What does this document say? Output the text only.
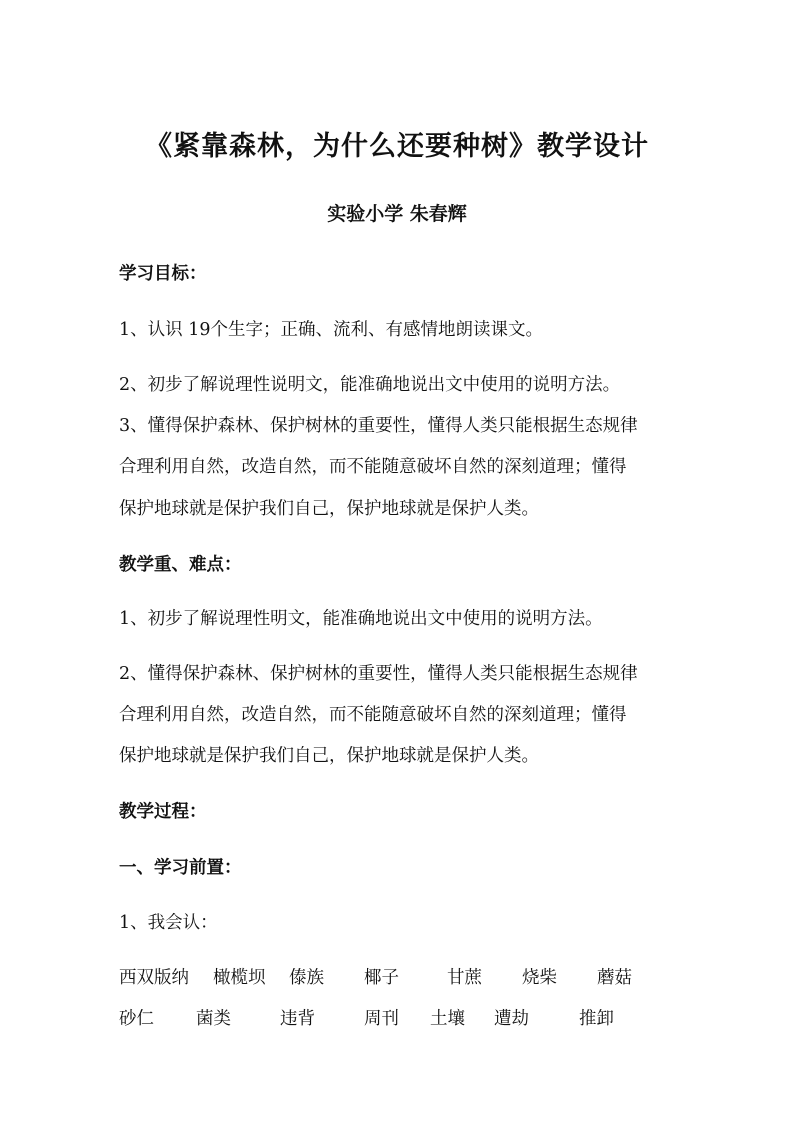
《紧靠森林，为什么还要种树》教学设计
实验小学 朱春辉
学习目标：
1、认识 19个生字；正确、流利、有感情地朗读课文。
2、初步了解说理性说明文，能准确地说出文中使用的说明方法。
3、懂得保护森林、保护树林的重要性，懂得人类只能根据生态规律
合理利用自然，改造自然，而不能随意破坏自然的深刻道理；懂得
保护地球就是保护我们自己，保护地球就是保护人类。
教学重、难点：
1、初步了解说理性明文，能准确地说出文中使用的说明方法。
2、懂得保护森林、保护树林的重要性，懂得人类只能根据生态规律
合理利用自然，改造自然，而不能随意破坏自然的深刻道理；懂得
保护地球就是保护我们自己，保护地球就是保护人类。
教学过程：
一、学习前置：
1、我会认：
西双版纳 橄榄坝 傣族 椰子	甘蔗 烧柴 蘑菇
砂仁 菌类	违背	周刊 土壤 遭劫	推卸
